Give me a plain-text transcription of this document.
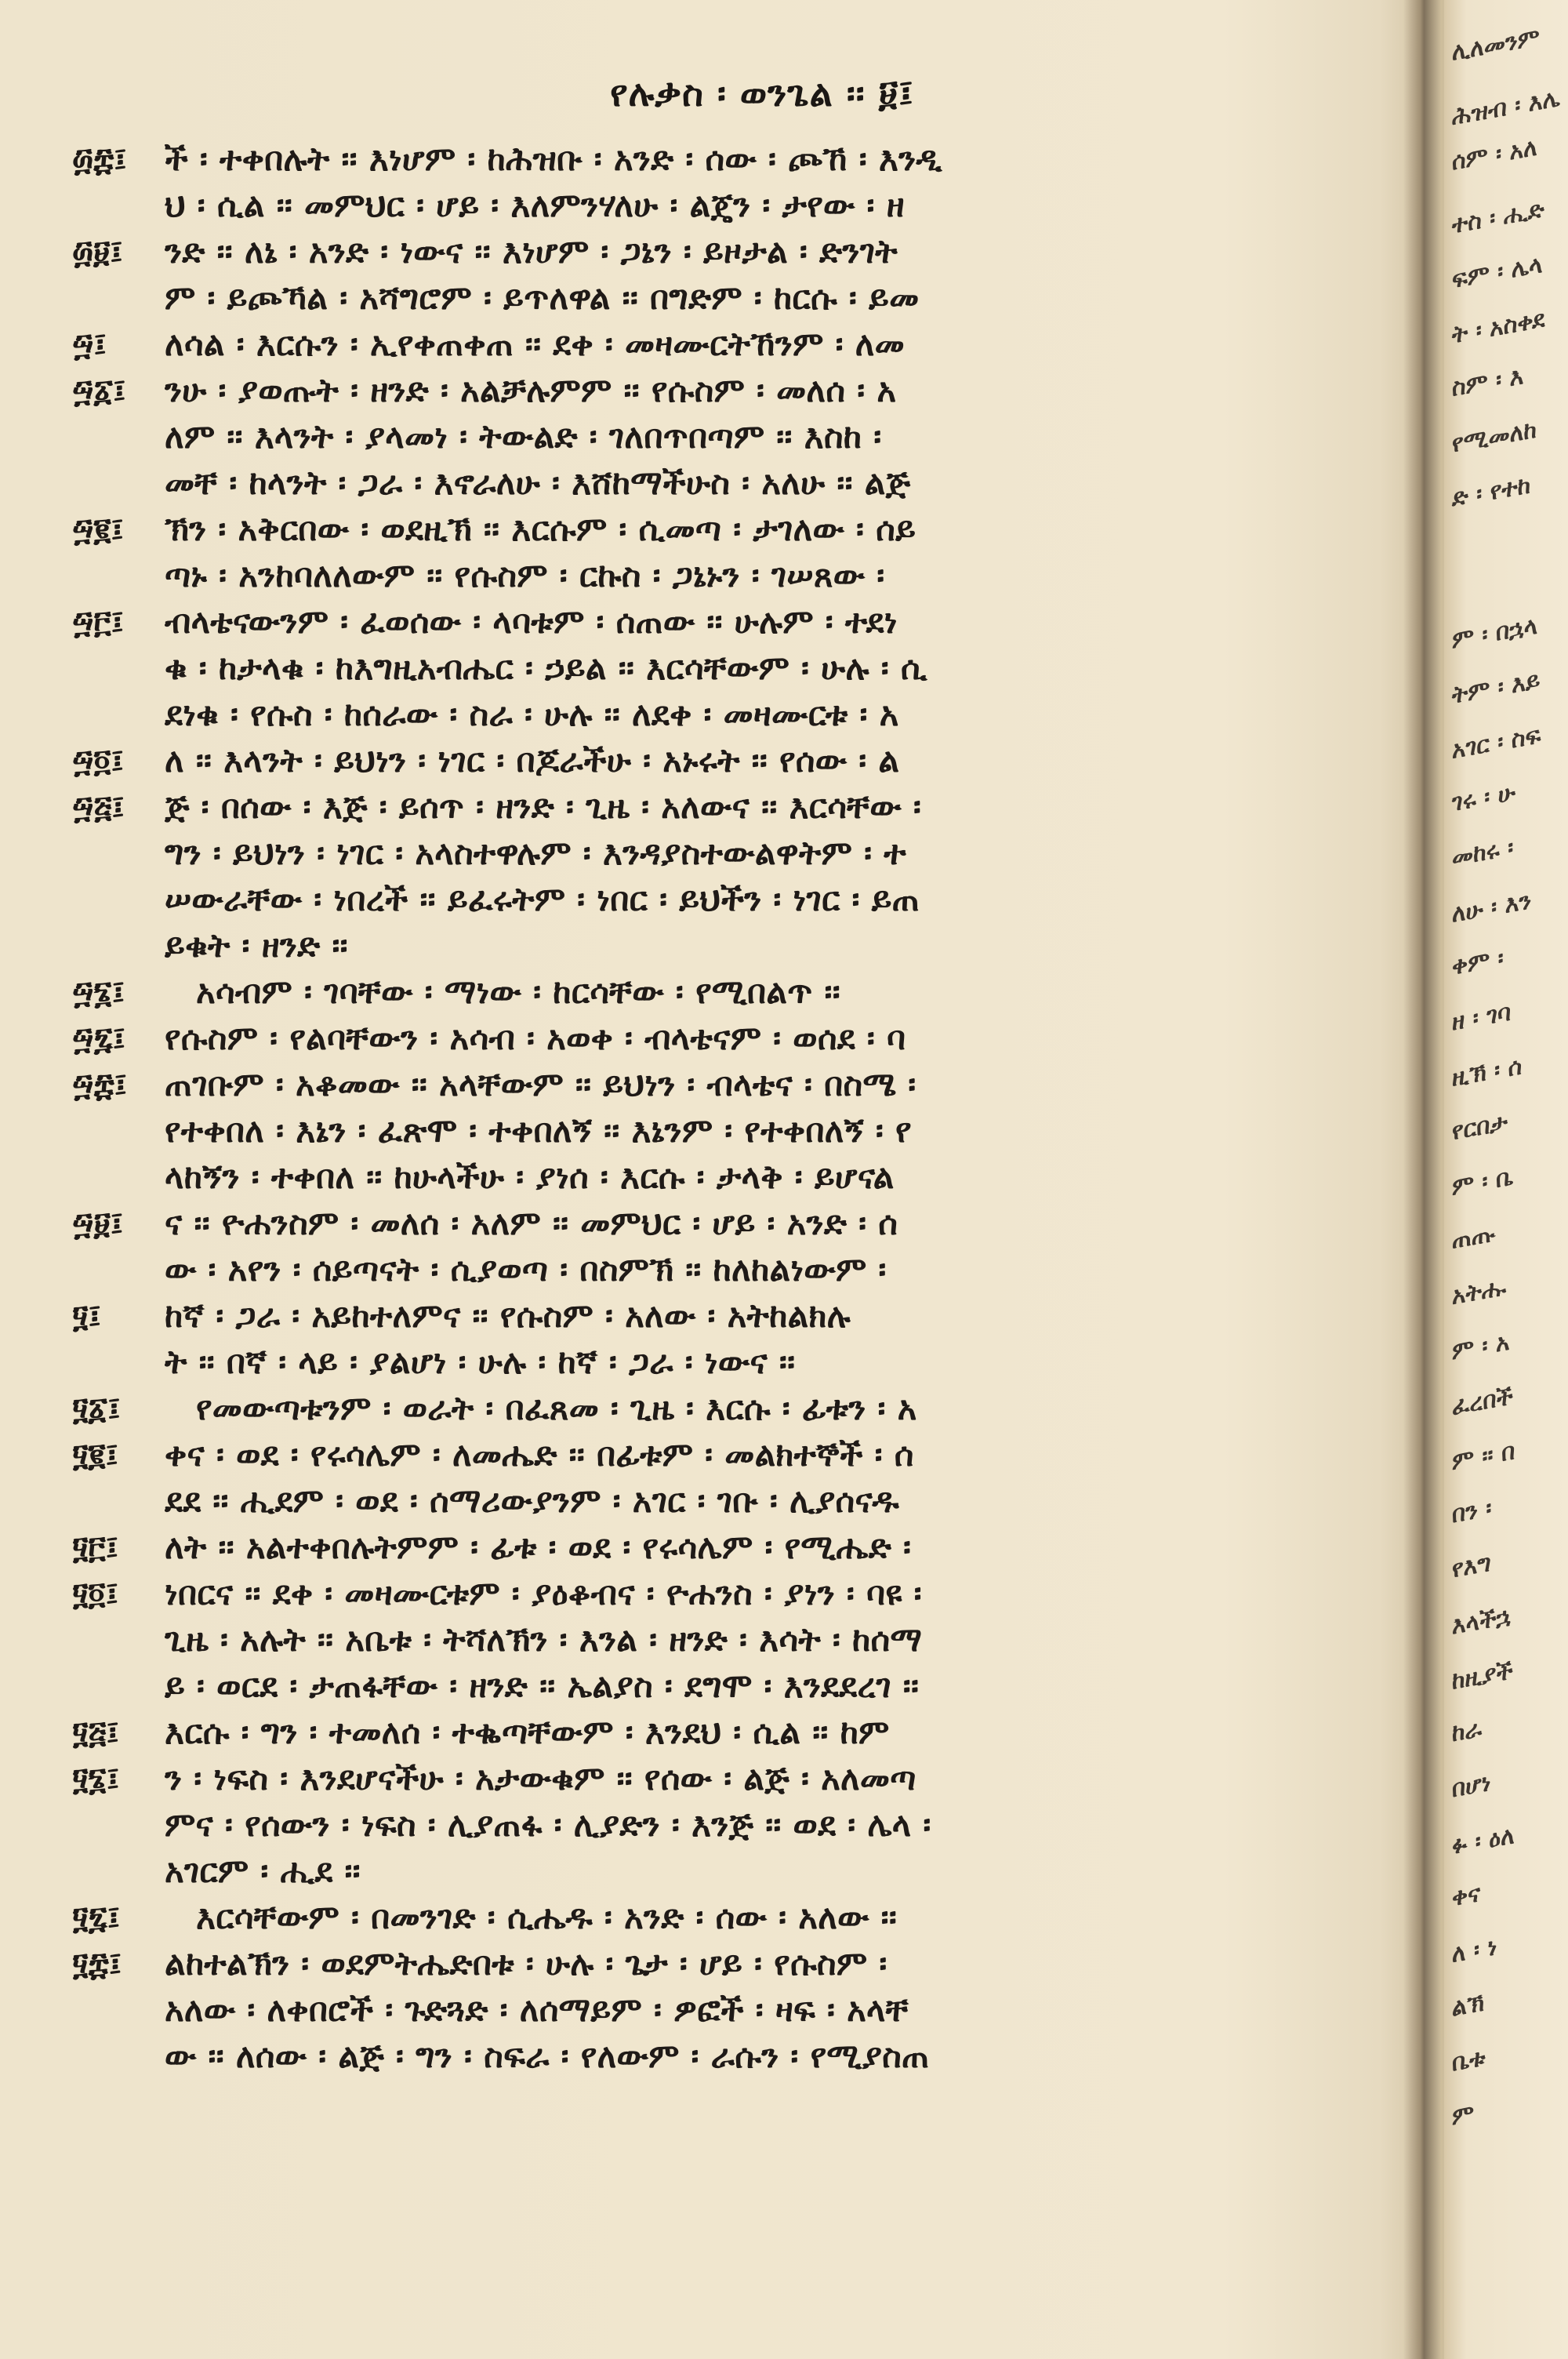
የሉቃስ ፡ ወንጌል ፡፡ ፱፤
፴፰፤	ች ፡ ተቀበሉት ፡፡ እነሆም ፡ ከሕዝቡ ፡ አንድ ፡ ሰው ፡ ጮኸ ፡ እንዲ
ህ ፡ ሲል ፡፡ መምህር ፡ ሆይ ፡ እለምንሃለሁ ፡ ልጄን ፡ ታየው ፡ ዘ
፴፱፤	ንድ ፡፡ ለኔ ፡ አንድ ፡ ነውና ፡፡ እነሆም ፡ ጋኔን ፡ ይዞታል ፡ ድንገት
ም ፡ ይጮኻል ፡ አሻግሮም ፡ ይጥለዋል ፡፡ በግድም ፡ ከርሱ ፡ ይመ
፵፤	ለሳል ፡ እርሱን ፡ ኢየቀጠቀጠ ፡፡ ደቀ ፡ መዛሙርትኸንም ፡ ለመ
፵፩፤	ንሁ ፡ ያወጡት ፡ ዘንድ ፡ አልቻሉምም ፡፡ የሱስም ፡ መለሰ ፡ አ
ለም ፡፡ እላንት ፡ ያላመነ ፡ ትውልድ ፡ ገለበጥበጣም ፡፡ እስከ ፡
መቸ ፡ ከላንት ፡ ጋራ ፡ እኖራለሁ ፡ እሸከማችሁስ ፡ አለሁ ፡፡ ልጅ
፵፪፤	ኽን ፡ አቅርበው ፡ ወደዚኽ ፡፡ እርሱም ፡ ሲመጣ ፡ ታገለው ፡ ሰይ
ጣኑ ፡ አንከባለለውም ፡፡ የሱስም ፡ ርኩስ ፡ ጋኔኑን ፡ ገሠጸው ፡
፵፫፤	ብላቴናውንም ፡ ፈወሰው ፡ ላባቱም ፡ ሰጠው ፡፡ ሁሉም ፡ ተደነ
ቁ ፡ ከታላቁ ፡ ከእግዚአብሔር ፡ ኃይል ፡፡ እርሳቸውም ፡ ሁሉ ፡ ሲ
ደነቁ ፡ የሱስ ፡ ከሰራው ፡ ስራ ፡ ሁሉ ፡፡ ለደቀ ፡ መዛሙርቱ ፡ አ
፵፬፤	ለ ፡፡ እላንት ፡ ይህነን ፡ ነገር ፡ በጆራችሁ ፡ አኑሩት ፡፡ የሰው ፡ ል
፵፭፤	ጅ ፡ በሰው ፡ እጅ ፡ ይሰጥ ፡ ዘንድ ፡ ጊዜ ፡ አለውና ፡፡ እርሳቸው ፡
ግን ፡ ይህነን ፡ ነገር ፡ አላስተዋሉም ፡ እንዳያስተውልዋትም ፡ ተ
ሠውራቸው ፡ ነበረች ፡፡ ይፈሩትም ፡ ነበር ፡ ይህችን ፡ ነገር ፡ ይጠ
ይቁት ፡ ዘንድ ፡፡
፵፮፤	አሳብም ፡ ገባቸው ፡ ማነው ፡ ከርሳቸው ፡ የሚበልጥ ፡፡
፵፯፤	የሱስም ፡ የልባቸውን ፡ አሳብ ፡ አወቀ ፡ ብላቴናም ፡ ወሰደ ፡ ባ
፵፰፤	ጠገቡም ፡ አቆመው ፡፡ አላቸውም ፡፡ ይህነን ፡ ብላቴና ፡ በስሜ ፡
የተቀበለ ፡ እኔን ፡ ፈጽሞ ፡ ተቀበለኝ ፡፡ እኔንም ፡ የተቀበለኝ ፡ የ
ላከኝን ፡ ተቀበለ ፡፡ ከሁላችሁ ፡ ያነሰ ፡ እርሱ ፡ ታላቅ ፡ ይሆናል
፵፱፤	ና ፡፡ ዮሐንስም ፡ መለሰ ፡ አለም ፡፡ መምህር ፡ ሆይ ፡ አንድ ፡ ሰ
ው ፡ አየን ፡ ሰይጣናት ፡ ሲያወጣ ፡ በስምኽ ፡፡ ከለከልነውም ፡
፶፤	ከኛ ፡ ጋራ ፡ አይከተለምና ፡፡ የሱስም ፡ አለው ፡ አትከልክሉ
ት ፡፡ በኛ ፡ ላይ ፡ ያልሆነ ፡ ሁሉ ፡ ከኛ ፡ ጋራ ፡ ነውና ፡፡
፶፩፤	የመውጣቱንም ፡ ወራት ፡ በፈጸመ ፡ ጊዜ ፡ እርሱ ፡ ፊቱን ፡ አ
፶፪፤	ቀና ፡ ወደ ፡ የሩሳሌም ፡ ለመሔድ ፡፡ በፊቱም ፡ መልክተኞች ፡ ሰ
ደደ ፡፡ ሒደም ፡ ወደ ፡ ሰማሪውያንም ፡ አገር ፡ ገቡ ፡ ሊያሰናዱ
፶፫፤	ለት ፡፡ አልተቀበሉትምም ፡ ፊቱ ፡ ወደ ፡ የሩሳሌም ፡ የሚሔድ ፡
፶፬፤	ነበርና ፡፡ ደቀ ፡ መዛሙርቱም ፡ ያዕቆብና ፡ ዮሐንስ ፡ ያነን ፡ ባዩ ፡
ጊዜ ፡ አሉት ፡፡ አቤቱ ፡ ትሻለኽን ፡ እንል ፡ ዘንድ ፡ እሳት ፡ ከሰማ
ይ ፡ ወርደ ፡ ታጠፋቸው ፡ ዘንድ ፡፡ ኤልያስ ፡ ደግሞ ፡ እንደደረገ ፡፡
፶፭፤	እርሱ ፡ ግን ፡ ተመለሰ ፡ ተቈጣቸውም ፡ እንደህ ፡ ሲል ፡፡ ከም
፶፮፤	ን ፡ ነፍስ ፡ እንደሆናችሁ ፡ አታውቁም ፡፡ የሰው ፡ ልጅ ፡ አለመጣ
ምና ፡ የሰውን ፡ ነፍስ ፡ ሊያጠፋ ፡ ሊያድን ፡ እንጅ ፡፡ ወደ ፡ ሌላ ፡
አገርም ፡ ሒደ ፡፡
፶፯፤	እርሳቸውም ፡ በመንገድ ፡ ሲሔዱ ፡ አንድ ፡ ሰው ፡ አለው ፡፡
፶፰፤	ልከተልኽን ፡ ወደምትሔድበቱ ፡ ሁሉ ፡ ጌታ ፡ ሆይ ፡ የሱስም ፡
አለው ፡ ለቀበሮች ፡ ጉድጓድ ፡ ለሰማይም ፡ ዎፎች ፡ ዛፍ ፡ አላቸ
ው ፡፡ ለሰው ፡ ልጅ ፡ ግን ፡ ስፍራ ፡ የለውም ፡ ራሱን ፡ የሚያስጠ
ሊለመንም
ሕዝብ ፡ እሌ
ሰም ፡ አለ
ተስ ፡ ሒድ
ፍም ፡ ሌላ
ት ፡ አስቀደ
ስም ፡ እ
የሚመለከ
ድ ፡ የተከ
ም ፡ በኋላ
ትም ፡ እይ
አገር ፡ ስፍ
ገሩ ፡ ሁ
መከሩ ፡
ለሁ ፡ እን
ቀም ፡
ዘ ፡ ገባ
ዚኽ ፡ ሰ
የርበታ
ም ፡ ቤ
ጠጡ
አትሑ
ም ፡ አ
ፈረበች
ም ፡፡ በ
በን ፡
የእግ
እላችኋ
ከዚያች
ከራ
በሆነ
ፉ ፡ ዕለ
ቀና
ለ ፡ ነ
ልኽ
ቤቱ
ም
